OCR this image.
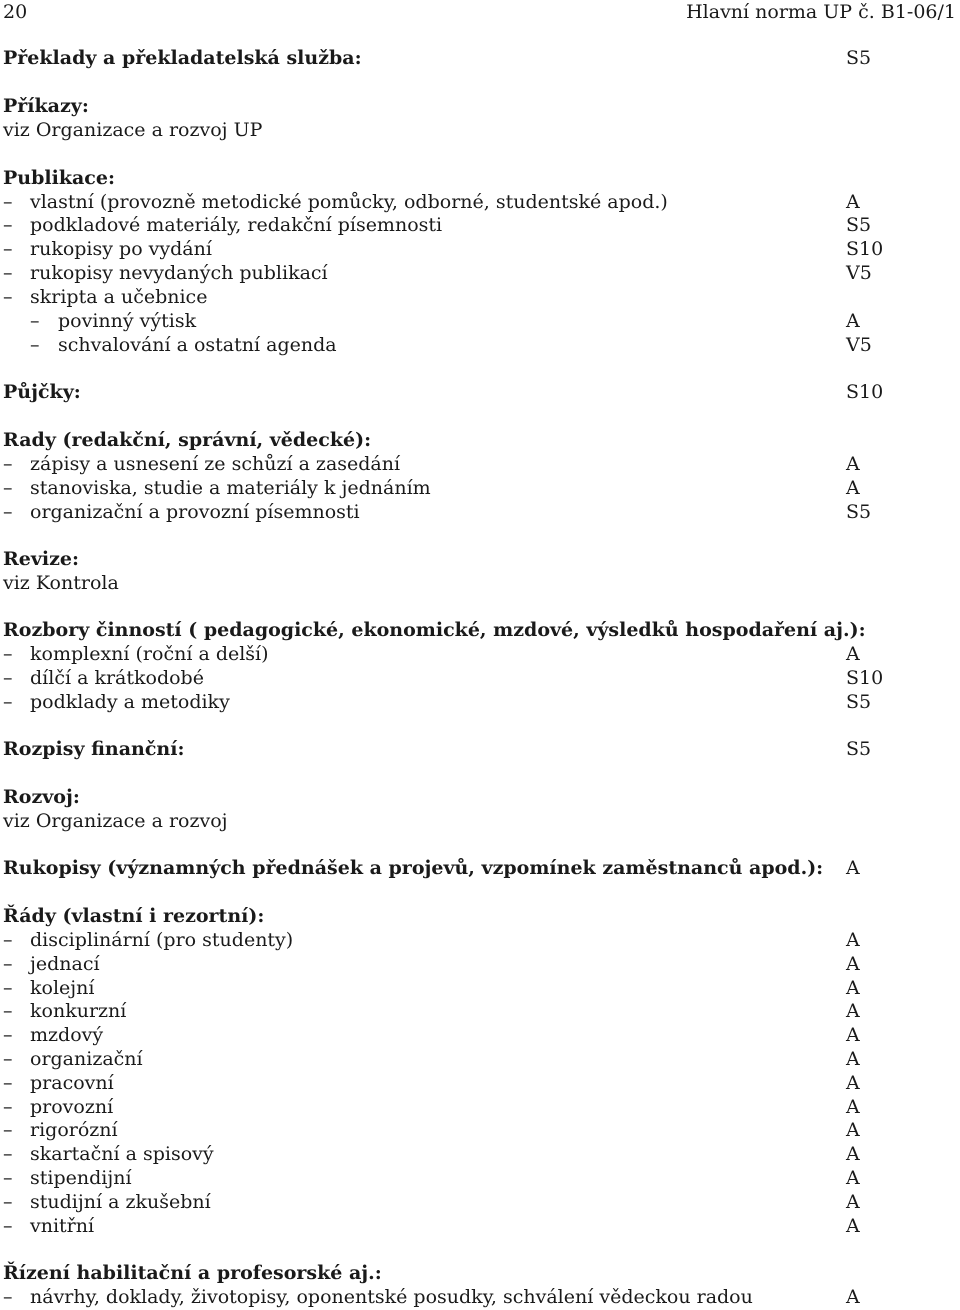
20	Hlavní norma UP č. B1-06/1
Překlady a překladatelská služba:	S5
Příkazy:
viz Organizace a rozvoj UP
Publikace:
– vlastní (provozně metodické pomůcky, odborné, studentské apod.)	A
– podkladové materiály, redakční písemnosti	S5
– rukopisy po vydání	S10
– rukopisy nevydaných publikací	V5
– skripta a učebnice
– povinný výtisk	A
– schvalování a ostatní agenda	V5
Půjčky:	S10
Rady (redakční, správní, vědecké):
– zápisy a usnesení ze schůzí a zasedání	A
– stanoviska, studie a materiály k jednáním	A
– organizační a provozní písemnosti	S5
Revize:
viz Kontrola
Rozbory činností ( pedagogické, ekonomické, mzdové, výsledků hospodaření aj.):
– komplexní (roční a delší)	A
– dílčí a krátkodobé	S10
– podklady a metodiky	S5
Rozpisy finanční:	S5
Rozvoj:
viz Organizace a rozvoj
Rukopisy (významných přednášek a projevů, vzpomínek zaměstnanců apod.): A
Řády (vlastní i rezortní):
– disciplinární (pro studenty)	A
– jednací	A
– kolejní	A
– konkurzní	A
– mzdový	A
– organizační	A
– pracovní	A
– provozní	A
– rigorózní	A
– skartační a spisový	A
– stipendijní	A
– studijní a zkušební	A
– vnitřní	A
Řízení habilitační a profesorské aj.:
– návrhy, doklady, životopisy, oponentské posudky, schválení vědeckou radou	A
